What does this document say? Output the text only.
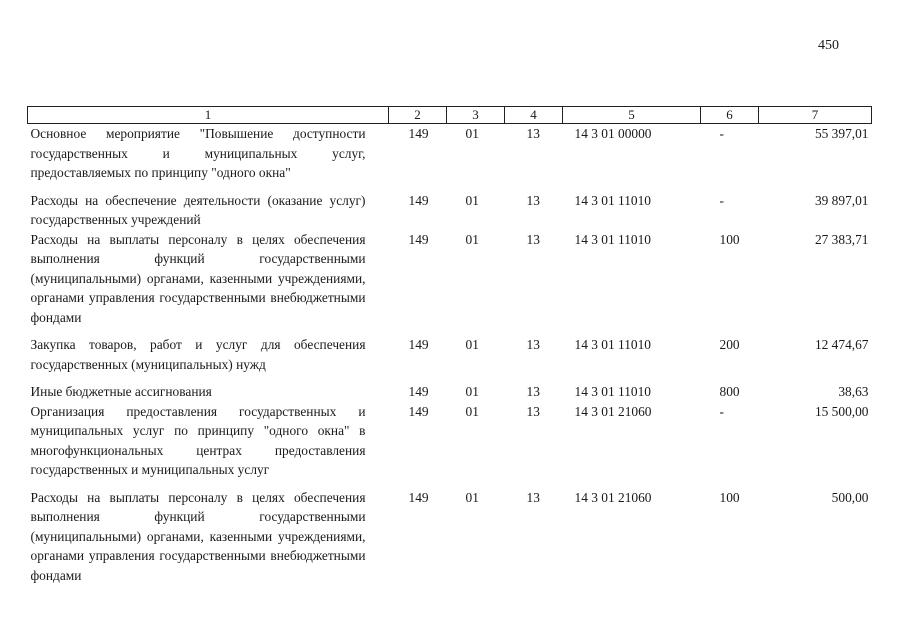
450
1	2	3	4	5	6	7
Основное мероприятие "Повышение доступности государственных и муниципальных услуг, предоставляемых по принципу "одного окна"	149	01	13	14 3 01 00000	-	55 397,01
Расходы на обеспечение деятельности (оказание услуг) государственных учреждений	149	01	13	14 3 01 11010	-	39 897,01
Расходы на выплаты персоналу в целях обеспечения выполнения функций государственными (муниципальными) органами, казенными учреждениями, органами управления государственными внебюджетными фондами	149	01	13	14 3 01 11010	100	27 383,71
Закупка товаров, работ и услуг для обеспечения государственных (муниципальных) нужд	149	01	13	14 3 01 11010	200	12 474,67
Иные бюджетные ассигнования	149	01	13	14 3 01 11010	800	38,63
Организация предоставления государственных и муниципальных услуг по принципу "одного окна" в многофункциональных центрах предоставления государственных и муниципальных услуг	149	01	13	14 3 01 21060	-	15 500,00
Расходы на выплаты персоналу в целях обеспечения выполнения функций государственными (муниципальными) органами, казенными учреждениями, органами управления государственными внебюджетными фондами	149	01	13	14 3 01 21060	100	500,00
